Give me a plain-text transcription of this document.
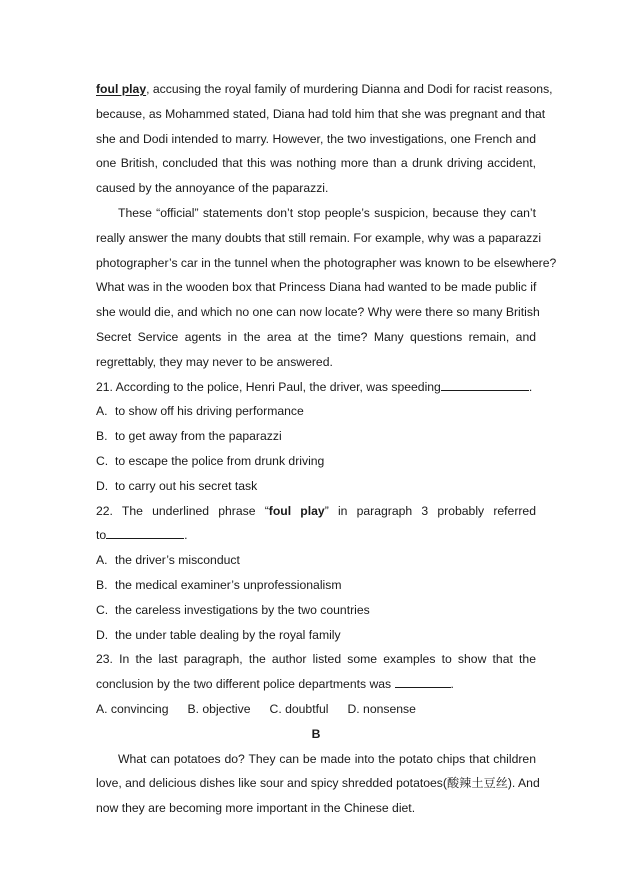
foul play, accusing the royal family of murdering Dianna and Dodi for racist reasons,
because, as Mohammed stated, Diana had told him that she was pregnant and that
she and Dodi intended to marry. However, the two investigations, one French and
one British, concluded that this was nothing more than a drunk driving accident,
caused by the annoyance of the paparazzi.
These “official” statements don’t stop people’s suspicion, because they can’t
really answer the many doubts that still remain. For example, why was a paparazzi
photographer’s car in the tunnel when the photographer was known to be elsewhere?
What was in the wooden box that Princess Diana had wanted to be made public if
she would die, and which no one can now locate? Why were there so many British
Secret Service agents in the area at the time? Many questions remain, and
regrettably, they may never to be answered.
21. According to the police, Henri Paul, the driver, was speeding	.
A. to show off his driving performance
B. to get away from the paparazzi
C. to escape the police from drunk driving
D. to carry out his secret task
22. The underlined phrase “foul play” in paragraph 3 probably referred
to	.
A. the driver’s misconduct
B. the medical examiner’s unprofessionalism
C. the careless investigations by the two countries
D. the under table dealing by the royal family
23. In the last paragraph, the author listed some examples to show that the
conclusion by the two different police departments was	.
A. convincing B. objective C. doubtful D. nonsense
B
What can potatoes do? They can be made into the potato chips that children
love, and delicious dishes like sour and spicy shredded potatoes(酸辣土豆丝). And
now they are becoming more important in the Chinese diet.
